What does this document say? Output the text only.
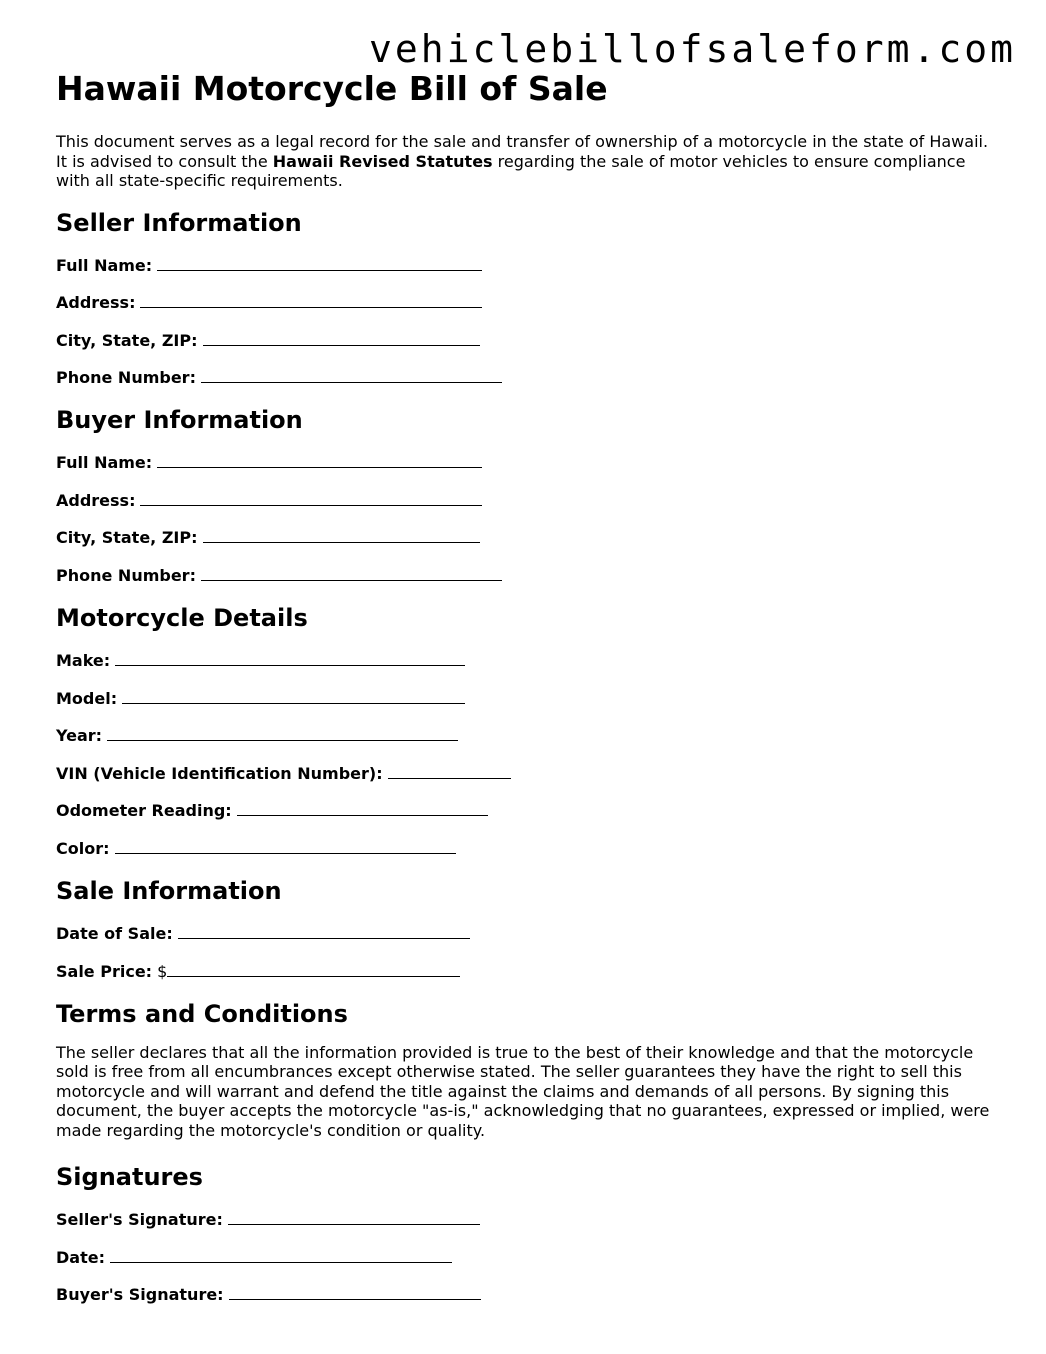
vehiclebillofsaleform.com
Hawaii Motorcycle Bill of Sale

This document serves as a legal record for the sale and transfer of ownership of a motorcycle in the state of Hawaii. It is advised to consult the Hawaii Revised Statutes regarding the sale of motor vehicles to ensure compliance with all state-specific requirements.

Seller Information
Full Name:
Address:
City, State, ZIP:
Phone Number:
Buyer Information
Full Name:
Address:
City, State, ZIP:
Phone Number:
Motorcycle Details
Make:
Model:
Year:
VIN (Vehicle Identification Number):
Odometer Reading:
Color:
Sale Information
Date of Sale:
Sale Price: $
Terms and Conditions

The seller declares that all the information provided is true to the best of their knowledge and that the motorcycle sold is free from all encumbrances except otherwise stated. The seller guarantees they have the right to sell this motorcycle and will warrant and defend the title against the claims and demands of all persons. By signing this document, the buyer accepts the motorcycle "as-is," acknowledging that no guarantees, expressed or implied, were made regarding the motorcycle's condition or quality.

Signatures
Seller's Signature:
Date:
Buyer's Signature:
